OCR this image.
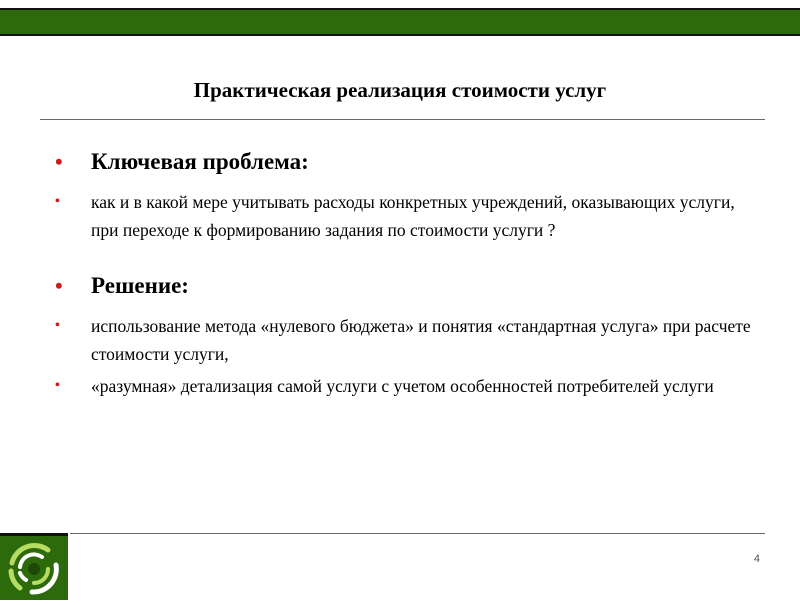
Практическая реализация стоимости услуг
• Ключевая проблема:
• как и в какой мере учитывать расходы конкретных учреждений, оказывающих услуги, при переходе к формированию задания по стоимости услуги ?
• Решение:
• использование метода «нулевого бюджета» и понятия «стандартная услуга» при расчете стоимости услуги,
• «разумная» детализация самой услуги с учетом особенностей потребителей услуги
4
